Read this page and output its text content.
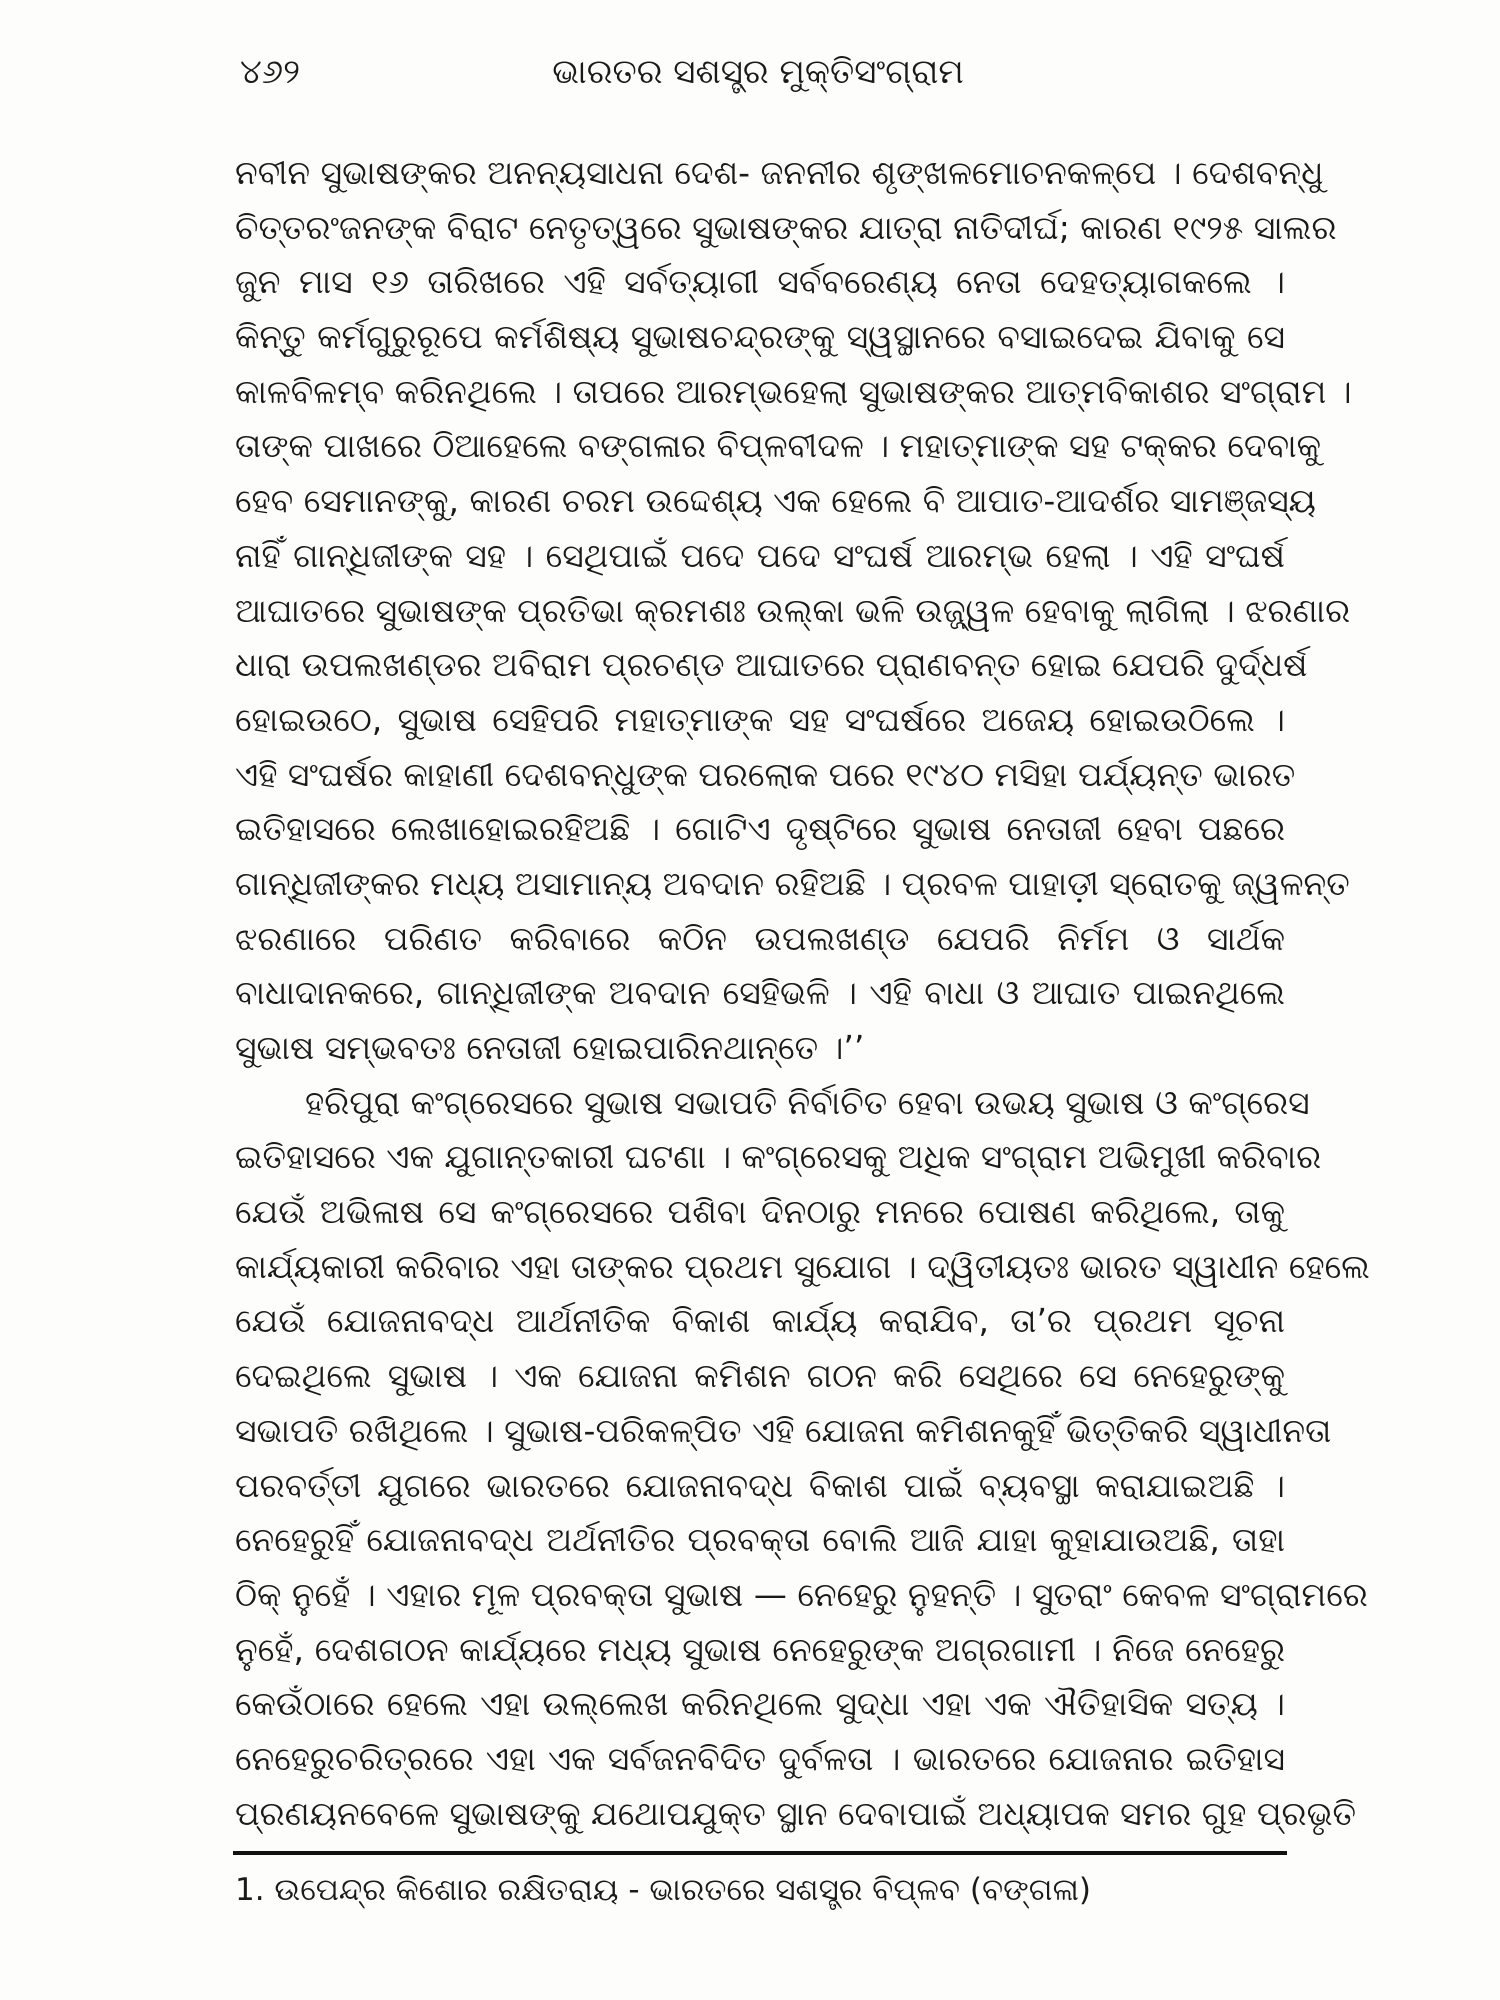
୪୬୨	ଭାରତର ସଶସ୍ତ୍ର ମୁକ୍ତିସଂଗ୍ରାମ
ନବୀନ ସୁଭାଷଙ୍କର ଅନନ୍ୟସାଧନା ଦେଶ- ଜନନୀର ଶୃଙ୍ଖଳମୋଚନକଳ୍ପେ । ଦେଶବନ୍ଧୁ
ଚିତ୍ତରଂଜନଙ୍କ ବିରାଟ ନେତୃତ୍ୱରେ ସୁଭାଷଙ୍କର ଯାତ୍ରା ନାତିଦୀର୍ଘ; କାରଣ ୧୯୨୫ ସାଲର
ଜୁନ ମାସ ୧୬ ତାରିଖରେ ଏହି ସର୍ବତ୍ୟାଗୀ ସର୍ବବରେଣ୍ୟ ନେତା ଦେହତ୍ୟାଗକଲେ ।
କିନ୍ତୁ କର୍ମଗୁରୁରୂପେ କର୍ମଶିଷ୍ୟ ସୁଭାଷଚନ୍ଦ୍ରଙ୍କୁ ସ୍ୱସ୍ଥାନରେ ବସାଇଦେଇ ଯିବାକୁ ସେ
କାଳବିଳମ୍ବ କରିନଥିଲେ । ତାପରେ ଆରମ୍ଭହେଲା ସୁଭାଷଙ୍କର ଆତ୍ମବିକାଶର ସଂଗ୍ରାମ ।
ତାଙ୍କ ପାଖରେ ଠିଆହେଲେ ବଙ୍ଗଳାର ବିପ୍ଳବୀଦଳ । ମହାତ୍ମାଙ୍କ ସହ ଟକ୍କର ଦେବାକୁ
ହେବ ସେମାନଙ୍କୁ, କାରଣ ଚରମ ଉଦ୍ଦେଶ୍ୟ ଏକ ହେଲେ ବି ଆପାତ-ଆଦର୍ଶର ସାମଞ୍ଜସ୍ୟ
ନାହିଁ ଗାନ୍ଧିଜୀଙ୍କ ସହ । ସେଥିପାଇଁ ପଦେ ପଦେ ସଂଘର୍ଷ ଆରମ୍ଭ ହେଲା । ଏହି ସଂଘର୍ଷ
ଆଘାତରେ ସୁଭାଷଙ୍କ ପ୍ରତିଭା କ୍ରମଶଃ ଉଲ୍‌କା ଭଳି ଉଜ୍ଜ୍ୱଳ ହେବାକୁ ଲାଗିଲା । ଝରଣାର
ଧାରା ଉପଲଖଣ୍ଡର ଅବିରାମ ପ୍ରଚଣ୍ଡ ଆଘାତରେ ପ୍ରାଣବନ୍ତ ହୋଇ ଯେପରି ଦୁର୍ଦ୍ଧର୍ଷ
ହୋଇଉଠେ, ସୁଭାଷ ସେହିପରି ମହାତ୍ମାଙ୍କ ସହ ସଂଘର୍ଷରେ ଅଜେୟ ହୋଇଉଠିଲେ ।
ଏହି ସଂଘର୍ଷର କାହାଣୀ ଦେଶବନ୍ଧୁଙ୍କ ପରଲୋକ ପରେ ୧୯୪୦ ମସିହା ପର୍ଯ୍ୟନ୍ତ ଭାରତ
ଇତିହାସରେ ଲେଖାହୋଇରହିଅଛି । ଗୋଟିଏ ଦୃଷ୍ଟିରେ ସୁଭାଷ ନେତାଜୀ ହେବା ପଛରେ
ଗାନ୍ଧିଜୀଙ୍କର ମଧ୍ୟ ଅସାମାନ୍ୟ ଅବଦାନ ରହିଅଛି । ପ୍ରବଳ ପାହାଡ଼ୀ ସ୍ରୋତକୁ ଜ୍ୱଳନ୍ତ
ଝରଣାରେ ପରିଣତ କରିବାରେ କଠିନ ଉପଲଖଣ୍ଡ ଯେପରି ନିର୍ମମ ଓ ସାର୍ଥକ
ବାଧାଦାନକରେ, ଗାନ୍ଧିଜୀଙ୍କ ଅବଦାନ ସେହିଭଳି । ଏହି ବାଧା ଓ ଆଘାତ ପାଇନଥିଲେ
ସୁଭାଷ ସମ୍ଭବତଃ ନେତାଜୀ ହୋଇପାରିନଥାନ୍ତେ ।’’
ହରିପୁରା କଂଗ୍ରେସରେ ସୁଭାଷ ସଭାପତି ନିର୍ବାଚିତ ହେବା ଉଭୟ ସୁଭାଷ ଓ କଂଗ୍ରେସ
ଇତିହାସରେ ଏକ ଯୁଗାନ୍ତକାରୀ ଘଟଣା । କଂଗ୍ରେସକୁ ଅଧିକ ସଂଗ୍ରାମ ଅଭିମୁଖୀ କରିବାର
ଯେଉଁ ଅଭିଳାଷ ସେ କଂଗ୍ରେସରେ ପଶିବା ଦିନଠାରୁ ମନରେ ପୋଷଣ କରିଥିଲେ, ତାକୁ
କାର୍ଯ୍ୟକାରୀ କରିବାର ଏହା ତାଙ୍କର ପ୍ରଥମ ସୁଯୋଗ । ଦ୍ୱିତୀୟତଃ ଭାରତ ସ୍ୱାଧୀନ ହେଲେ
ଯେଉଁ ଯୋଜନାବଦ୍ଧ ଆର୍ଥନୀତିକ ବିକାଶ କାର୍ଯ୍ୟ କରାଯିବ, ତା’ର ପ୍ରଥମ ସୂଚନା
ଦେଇଥିଲେ ସୁଭାଷ । ଏକ ଯୋଜନା କମିଶନ ଗଠନ କରି ସେଥିରେ ସେ ନେହେରୁଙ୍କୁ
ସଭାପତି ରଖିଥିଲେ । ସୁଭାଷ-ପରିକଳ୍ପିତ ଏହି ଯୋଜନା କମିଶନକୁହିଁ ଭିତ୍ତିକରି ସ୍ୱାଧୀନତା
ପରବର୍ତ୍ତୀ ଯୁଗରେ ଭାରତରେ ଯୋଜନାବଦ୍ଧ ବିକାଶ ପାଇଁ ବ୍ୟବସ୍ଥା କରାଯାଇଅଛି ।
ନେହେରୁହିଁ ଯୋଜନାବଦ୍ଧ ଅର୍ଥନୀତିର ପ୍ରବକ୍ତା ବୋଲି ଆଜି ଯାହା କୁହାଯାଉଅଛି, ତାହା
ଠିକ୍ ନୁହେଁ । ଏହାର ମୂଳ ପ୍ରବକ୍ତା ସୁଭାଷ — ନେହେରୁ ନୁହନ୍ତି । ସୁତରାଂ କେବଳ ସଂଗ୍ରାମରେ
ନୁହେଁ, ଦେଶଗଠନ କାର୍ଯ୍ୟରେ ମଧ୍ୟ ସୁଭାଷ ନେହେରୁଙ୍କ ଅଗ୍ରଗାମୀ । ନିଜେ ନେହେରୁ
କେଉଁଠାରେ ହେଲେ ଏହା ଉଲ୍ଲେଖ କରିନଥିଲେ ସୁଦ୍ଧା ଏହା ଏକ ଐତିହାସିକ ସତ୍ୟ ।
ନେହେରୁଚରିତ୍ରରେ ଏହା ଏକ ସର୍ବଜନବିଦିତ ଦୁର୍ବଳତା । ଭାରତରେ ଯୋଜନାର ଇତିହାସ
ପ୍ରଣୟନବେଳେ ସୁଭାଷଙ୍କୁ ଯଥୋପଯୁକ୍ତ ସ୍ଥାନ ଦେବାପାଇଁ ଅଧ୍ୟାପକ ସମର ଗୁହ ପ୍ରଭୃତି
1. ଉପେନ୍ଦ୍ର କିଶୋର ରକ୍ଷିତରାୟ - ଭାରତରେ ସଶସ୍ତ୍ର ବିପ୍ଳବ (ବଙ୍ଗଳା)
